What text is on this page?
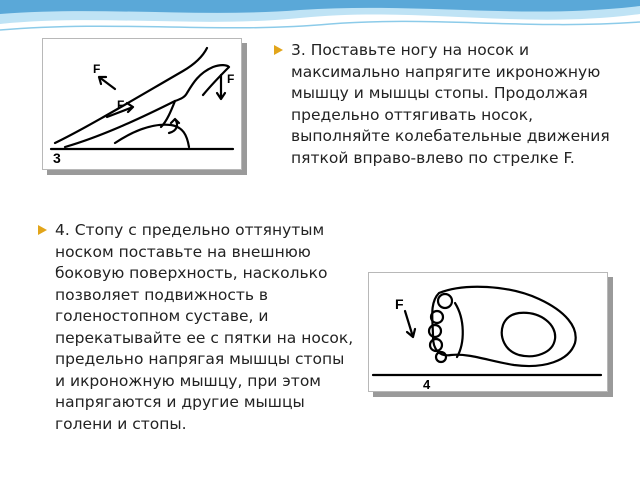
F
F
F
3
3. Поставьте ногу на носок и максимально напрягите икроножную мышцу и мышцы стопы. Продолжая предельно оттягивать носок, выполняйте колебательные движения пяткой вправо-влево по стрелке F.
4. Стопу с предельно оттянутым носком поставьте на внешнюю боковую поверхность, насколько позволяет подвижность в голеностопном суставе, и перекатывайте ее с пятки на носок, предельно напрягая мышцы стопы и икроножную мышцу, при этом напрягаются и другие мышцы голени и стопы.
F
4
